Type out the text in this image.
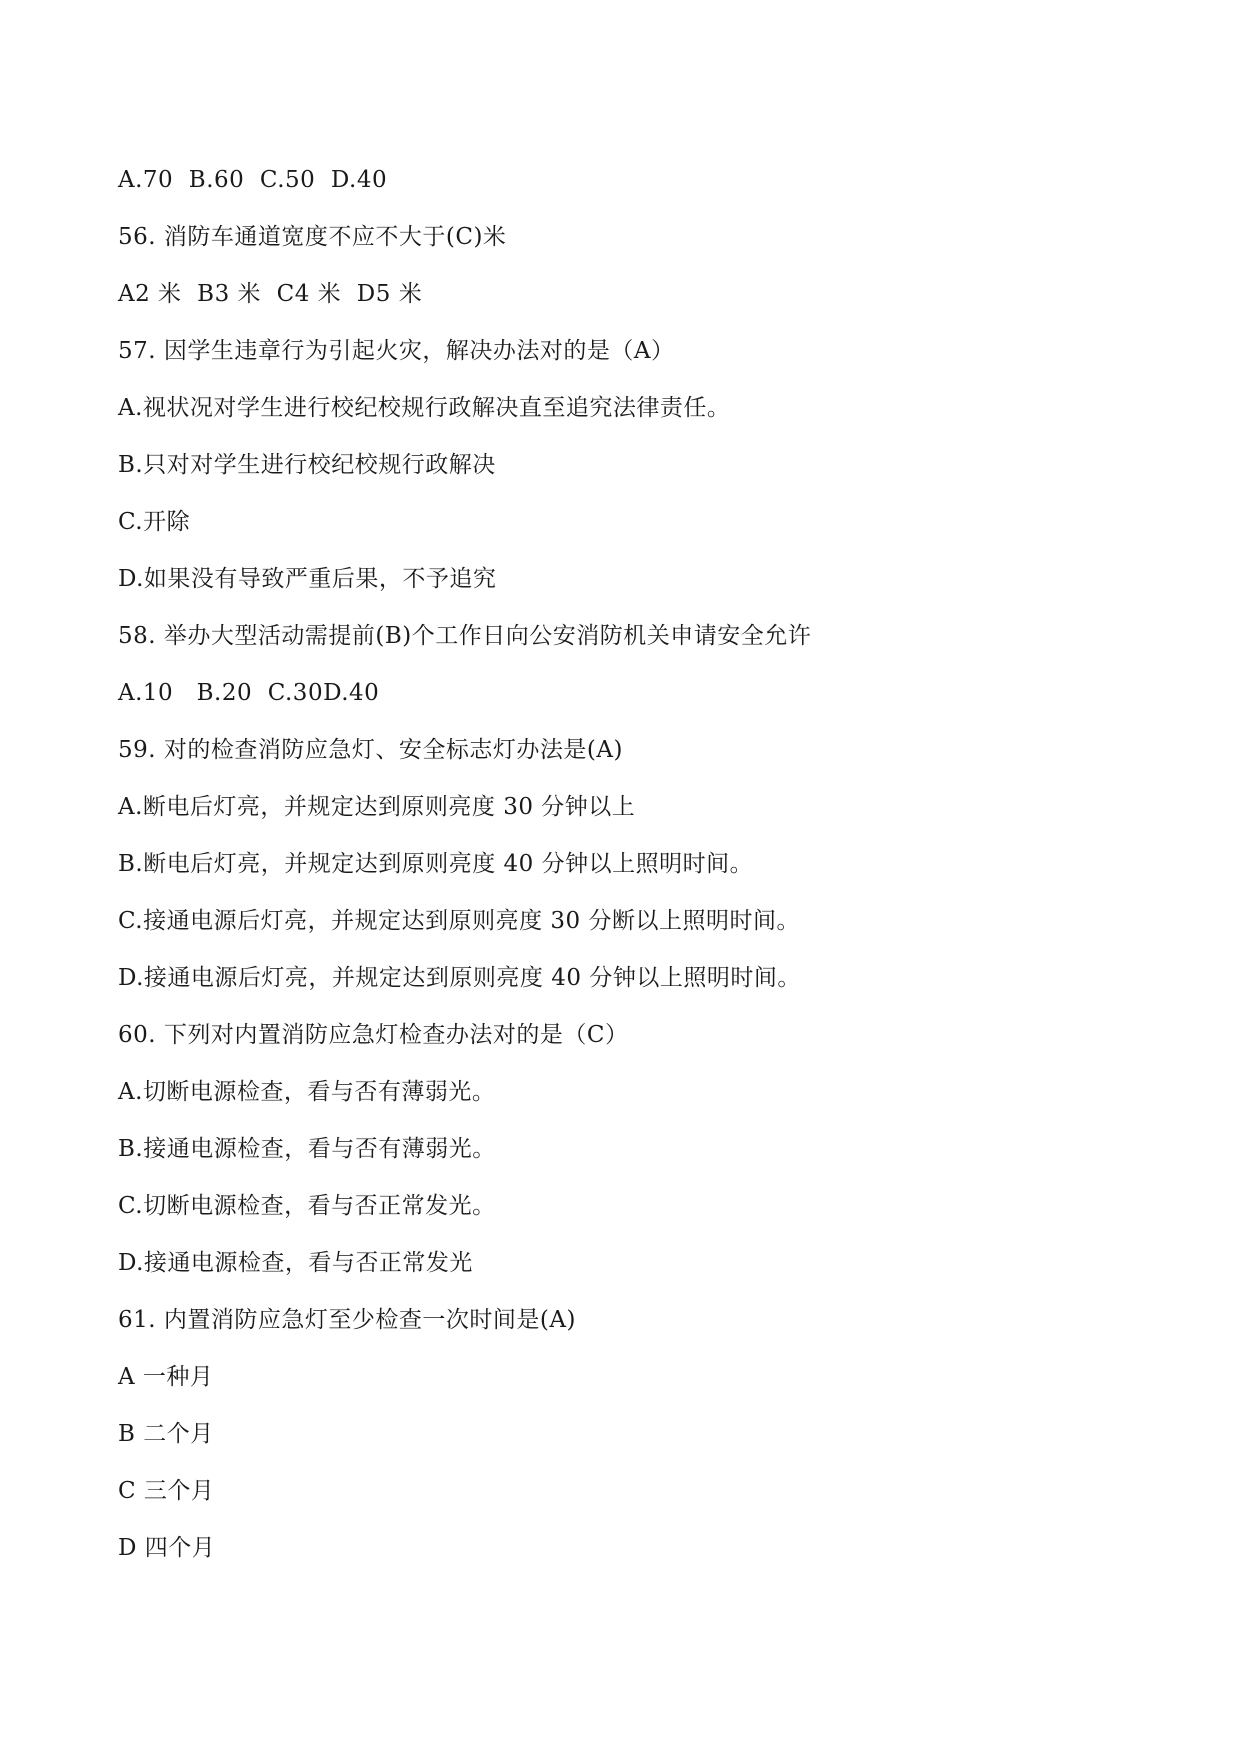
A.70  B.60  C.50  D.40
56. 消防车通道宽度不应不大于(C)米
A2 米  B3 米  C4 米  D5 米
57. 因学生违章行为引起火灾，解决办法对的是（A）
A.视状况对学生进行校纪校规行政解决直至追究法律责任。
B.只对对学生进行校纪校规行政解决
C.开除
D.如果没有导致严重后果，不予追究
58. 举办大型活动需提前(B)个工作日向公安消防机关申请安全允许
A.10   B.20  C.30D.40
59. 对的检查消防应急灯、安全标志灯办法是(A)
A.断电后灯亮，并规定达到原则亮度 30 分钟以上
B.断电后灯亮，并规定达到原则亮度 40 分钟以上照明时间。
C.接通电源后灯亮，并规定达到原则亮度 30 分断以上照明时间。
D.接通电源后灯亮，并规定达到原则亮度 40 分钟以上照明时间。
60. 下列对内置消防应急灯检查办法对的是（C）
A.切断电源检查，看与否有薄弱光。
B.接通电源检查，看与否有薄弱光。
C.切断电源检查，看与否正常发光。
D.接通电源检查，看与否正常发光
61. 内置消防应急灯至少检查一次时间是(A)
A 一种月
B 二个月
C 三个月
D 四个月
